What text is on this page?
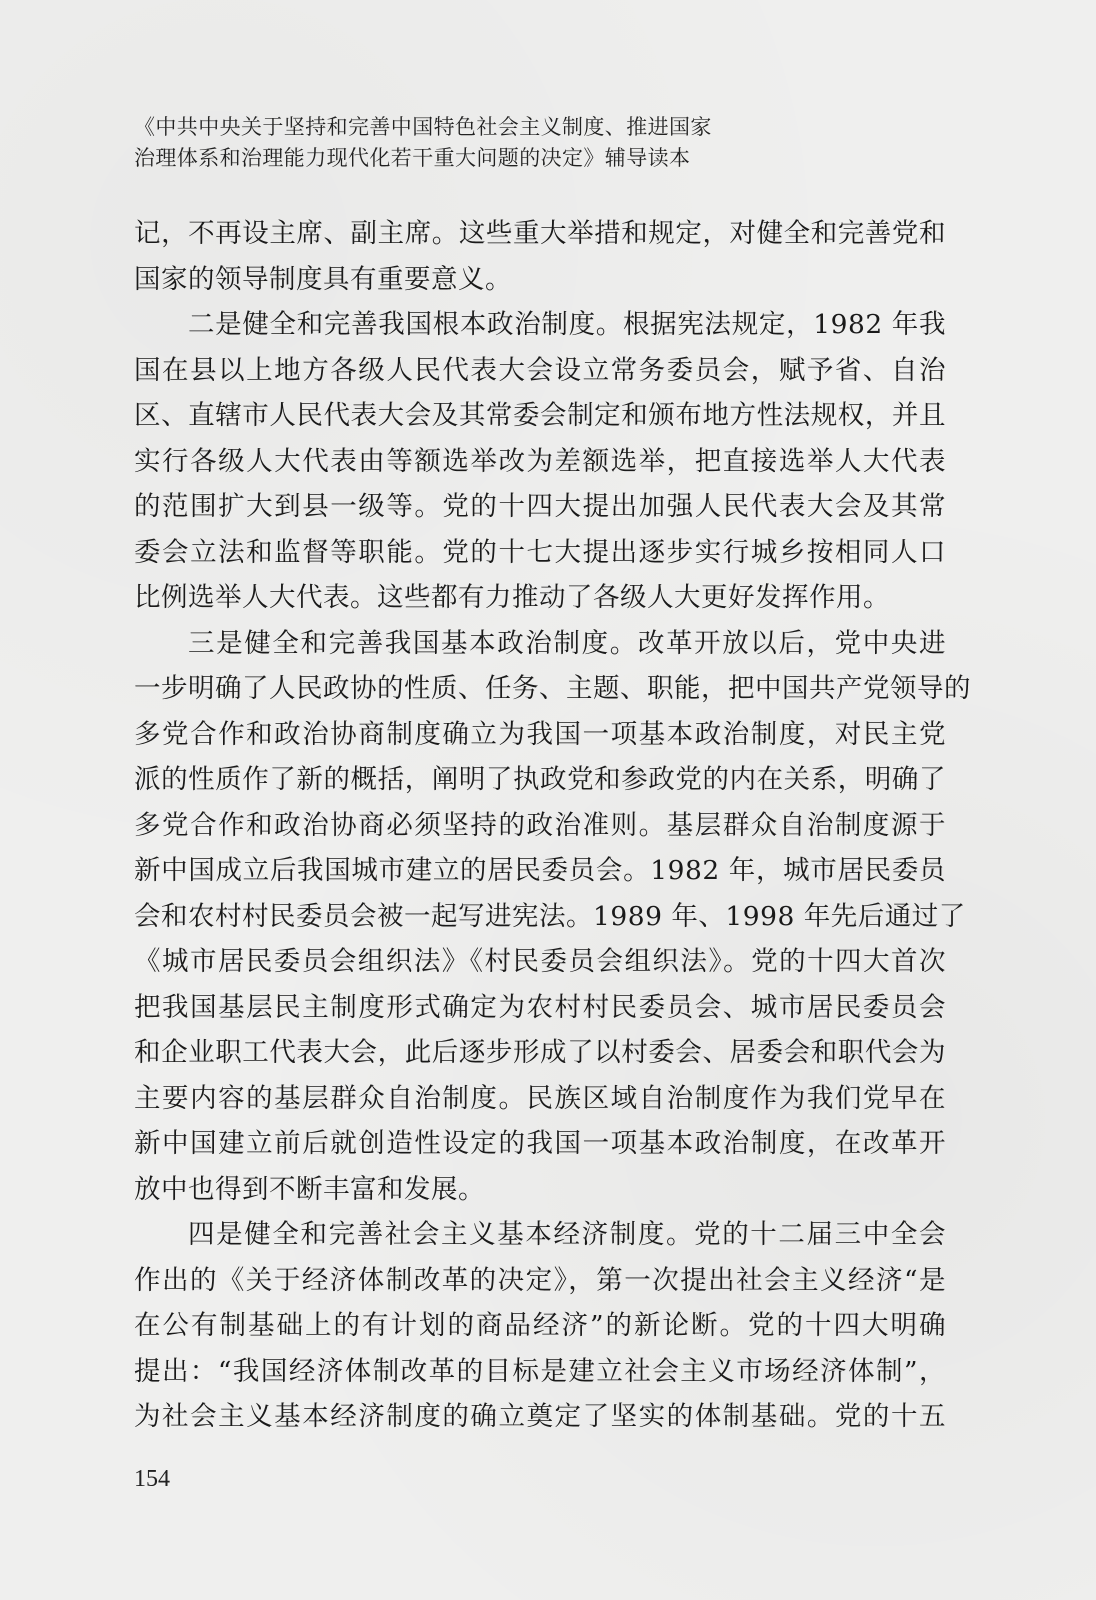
《中共中央关于坚持和完善中国特色社会主义制度、推进国家
治理体系和治理能力现代化若干重大问题的决定》辅导读本
记，不再设主席、副主席。这些重大举措和规定，对健全和完善党和
国家的领导制度具有重要意义。
二是健全和完善我国根本政治制度。根据宪法规定，1982 年我
国在县以上地方各级人民代表大会设立常务委员会，赋予省、自治
区、直辖市人民代表大会及其常委会制定和颁布地方性法规权，并且
实行各级人大代表由等额选举改为差额选举，把直接选举人大代表
的范围扩大到县一级等。党的十四大提出加强人民代表大会及其常
委会立法和监督等职能。党的十七大提出逐步实行城乡按相同人口
比例选举人大代表。这些都有力推动了各级人大更好发挥作用。
三是健全和完善我国基本政治制度。改革开放以后，党中央进
一步明确了人民政协的性质、任务、主题、职能，把中国共产党领导的
多党合作和政治协商制度确立为我国一项基本政治制度，对民主党
派的性质作了新的概括，阐明了执政党和参政党的内在关系，明确了
多党合作和政治协商必须坚持的政治准则。基层群众自治制度源于
新中国成立后我国城市建立的居民委员会。1982 年，城市居民委员
会和农村村民委员会被一起写进宪法。1989 年、1998 年先后通过了
《城市居民委员会组织法》《村民委员会组织法》。党的十四大首次
把我国基层民主制度形式确定为农村村民委员会、城市居民委员会
和企业职工代表大会，此后逐步形成了以村委会、居委会和职代会为
主要内容的基层群众自治制度。民族区域自治制度作为我们党早在
新中国建立前后就创造性设定的我国一项基本政治制度，在改革开
放中也得到不断丰富和发展。
四是健全和完善社会主义基本经济制度。党的十二届三中全会
作出的《关于经济体制改革的决定》，第一次提出社会主义经济“是
在公有制基础上的有计划的商品经济”的新论断。党的十四大明确
提出：“我国经济体制改革的目标是建立社会主义市场经济体制”，
为社会主义基本经济制度的确立奠定了坚实的体制基础。党的十五
154
